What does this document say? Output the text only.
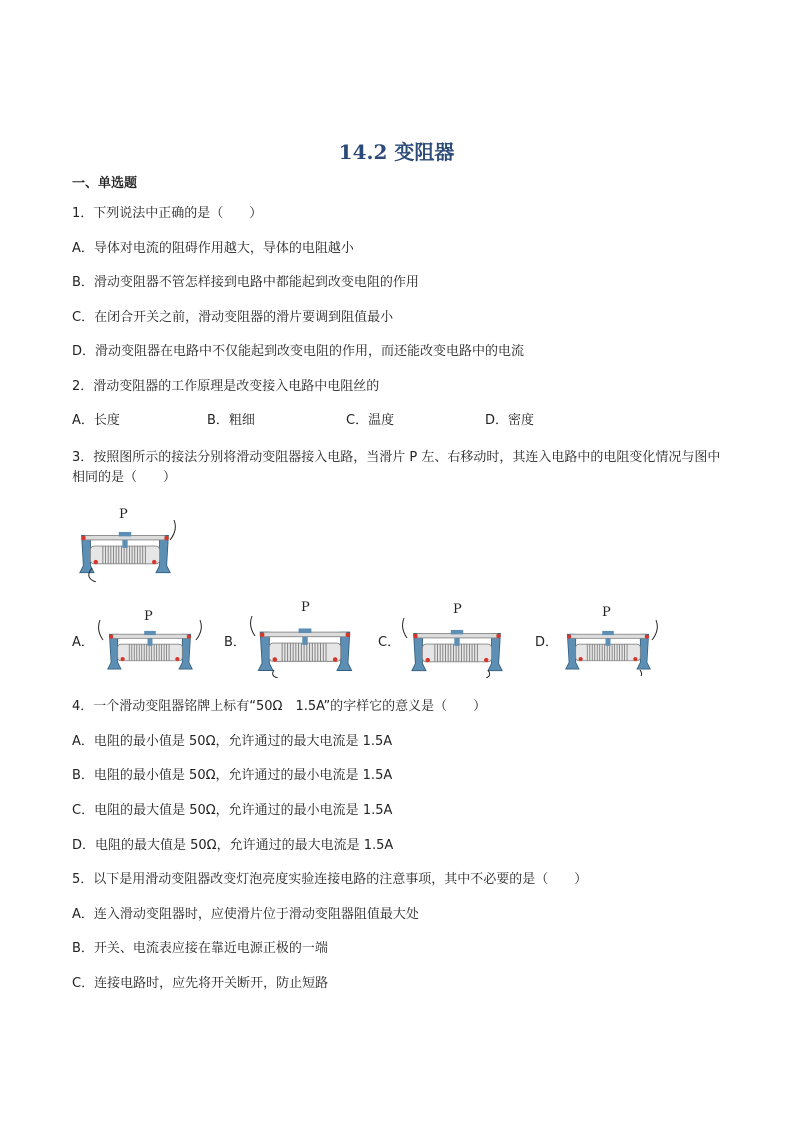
14.2 变阻器
一、单选题
1．下列说法中正确的是（　　）
A．导体对电流的阻碍作用越大，导体的电阻越小
B．滑动变阻器不管怎样接到电路中都能起到改变电阻的作用
C．在闭合开关之前，滑动变阻器的滑片要调到阻值最小
D．滑动变阻器在电路中不仅能起到改变电阻的作用，而还能改变电路中的电流
2．滑动变阻器的工作原理是改变接入电路中电阻丝的
A．长度	B．粗细	C．温度	D．密度
3．按照图所示的接法分别将滑动变阻器接入电路，当滑片 P 左、右移动时，其连入电路中的电阻变化情况与图中相同的是（　　）
P
A．
P
B．
P
C．
P
D．
P
4．一个滑动变阻器铭牌上标有“50Ω　1.5A”的字样它的意义是（　　）
A．电阻的最小值是 50Ω，允许通过的最大电流是 1.5A
B．电阻的最小值是 50Ω，允许通过的最小电流是 1.5A
C．电阻的最大值是 50Ω，允许通过的最小电流是 1.5A
D．电阻的最大值是 50Ω，允许通过的最大电流是 1.5A
5．以下是用滑动变阻器改变灯泡亮度实验连接电路的注意事项，其中不必要的是（　　）
A．连入滑动变阻器时，应使滑片位于滑动变阻器阻值最大处
B．开关、电流表应接在靠近电源正极的一端
C．连接电路时，应先将开关断开，防止短路
